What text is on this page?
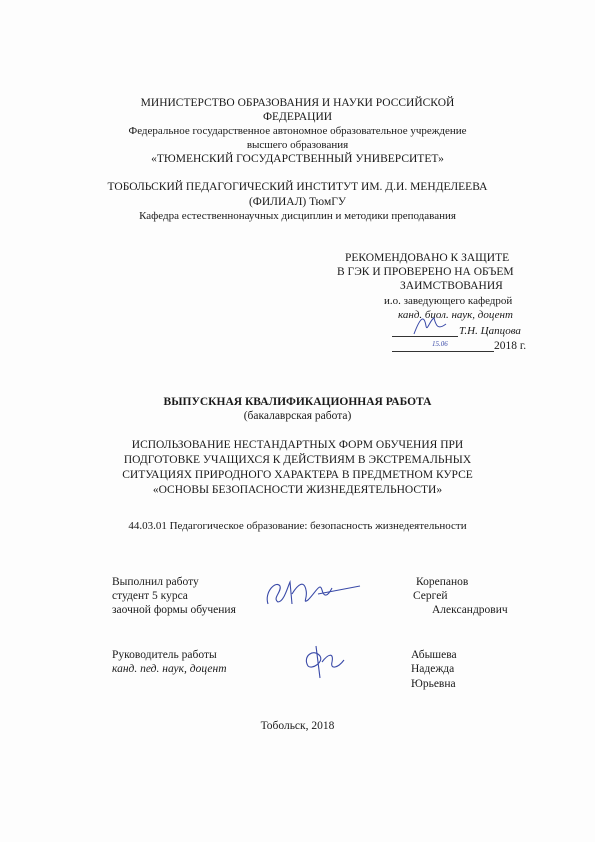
МИНИСТЕРСТВО ОБРАЗОВАНИЯ И НАУКИ РОССИЙСКОЙ
ФЕДЕРАЦИИ
Федеральное государственное автономное образовательное учреждение
высшего образования
«ТЮМЕНСКИЙ ГОСУДАРСТВЕННЫЙ УНИВЕРСИТЕТ»
ТОБОЛЬСКИЙ ПЕДАГОГИЧЕСКИЙ ИНСТИТУТ ИМ. Д.И. МЕНДЕЛЕЕВА
(ФИЛИАЛ) ТюмГУ
Кафедра естественнонаучных дисциплин и методики преподавания
РЕКОМЕНДОВАНО К ЗАЩИТЕ
В ГЭК И ПРОВЕРЕНО НА ОБЪЕМ
ЗАИМСТВОВАНИЯ
и.о. заведующего кафедрой
канд. биол. наук, доцент
Т.Н. Цапцова
15.06	2018 г.
ВЫПУСКНАЯ КВАЛИФИКАЦИОННАЯ РАБОТА
(бакалаврская работа)
ИСПОЛЬЗОВАНИЕ НЕСТАНДАРТНЫХ ФОРМ ОБУЧЕНИЯ ПРИ
ПОДГОТОВКЕ УЧАЩИХСЯ К ДЕЙСТВИЯМ В ЭКСТРЕМАЛЬНЫХ
СИТУАЦИЯХ ПРИРОДНОГО ХАРАКТЕРА В ПРЕДМЕТНОМ КУРСЕ
«ОСНОВЫ БЕЗОПАСНОСТИ ЖИЗНЕДЕЯТЕЛЬНОСТИ»
44.03.01 Педагогическое образование: безопасность жизнедеятельности
Выполнил работу
студент 5 курса
заочной формы обучения
Корепанов
Сергей
Александрович
Руководитель работы
канд. пед. наук, доцент
Абышева
Надежда
Юрьевна
Тобольск, 2018
